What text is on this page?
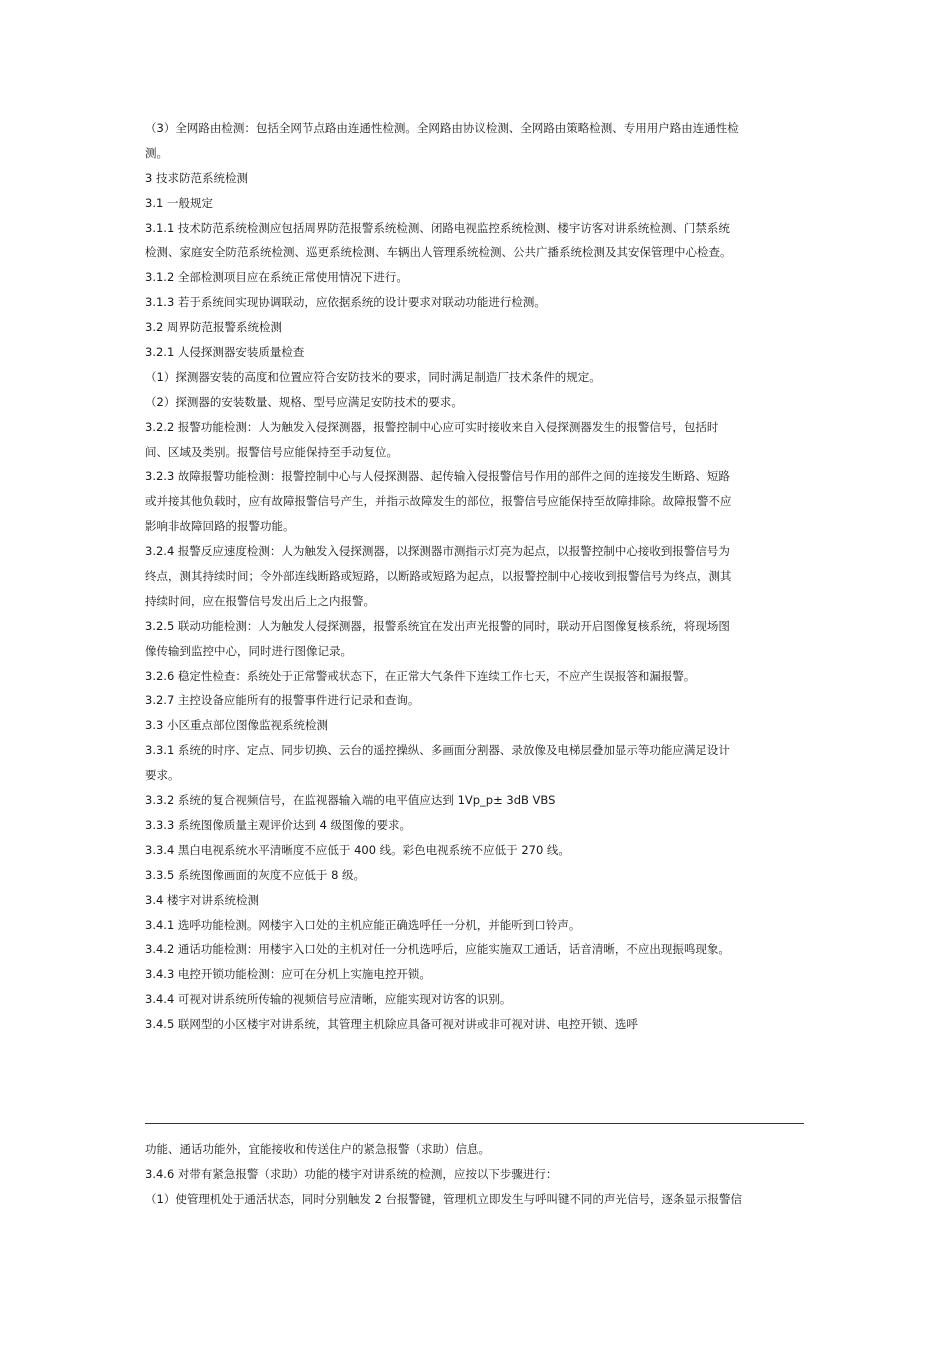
（3）全网路由检测：包括全网节点路由连通性检测。全网路由协议检测、全网路由策略检测、专用用户路由连通性检
测。
3 技求防范系统检测
3.1 一般规定
3.1.1 技术防范系统检测应包括周界防范报警系统检测、闭路电视监控系统检测、楼宇访客对讲系统检测、门禁系统
检测、家庭安全防范系统检测、巡更系统检测、车辆出人管理系统检测、公共广播系统检测及其安保管理中心检查。
3.1.2 全部检测项目应在系统正常使用情况下进行。
3.1.3 若于系统间实现协调联动，应依据系统的设计要求对联动功能进行检测。
3.2 周界防范报警系统检测
3.2.1 人侵探测器安装质量检查
（1）探测器安装的高度和位置应符合安防技米的要求，同时满足制造厂技术条件的规定。
（2）探测器的安装数量、规格、型号应满足安防技术的要求。
3.2.2 报警功能检测：人为触发入侵探测器，报警控制中心应可实时接收来自入侵探测器发生的报警信号，包括时
间、区域及类别。报警信号应能保持至手动复位。
3.2.3 故障报警功能检测：报警控制中心与人侵探测器、起传输入侵报警信号作用的部件之间的连接发生断路、短路
或并接其他负载时，应有故障报警信号产生，并指示故障发生的部位，报警信号应能保持至故障排除。故障报警不应
影响非故障回路的报警功能。
3.2.4 报警反应速度检测：人为触发入侵探测器，以探测器市测指示灯亮为起点，以报警控制中心接收到报警信号为
终点，测其持续时间；令外部连线断路或短路，以断路或短路为起点，以报警控制中心接收到报警信号为终点，测其
持续时间，应在报警信号发出后上之内报警。
3.2.5 联动功能检测：人为触发人侵探测器，报警系统宜在发出声光报警的同时，联动开启图像复核系统，将现场图
像传输到监控中心，同时进行图像记录。
3.2.6 稳定性检查：系统处于正常警戒状态下，在正常大气条件下连续工作七天，不应产生误报答和漏报警。
3.2.7 主控设备应能所有的报警事件进行记录和查询。
3.3 小区重点部位图像监视系统检测
3.3.1 系统的时序、定点、同步切换、云台的遥控操纵、多画面分割器、录放像及电梯层叠加显示等功能应满足设计
要求。
3.3.2 系统的复合视频信号，在监视器输入端的电平值应达到 1Vp_p± 3dB VBS
3.3.3 系统图像质量主观评价达到 4 级图像的要求。
3.3.4 黑白电视系统水平清晰度不应低于 400 线。彩色电视系统不应低于 270 线。
3.3.5 系统图像画面的灰度不应低于 8 级。
3.4 楼宇对讲系统检测
3.4.1 选呼功能检测。网楼宇入口处的主机应能正确选呼任一分机，并能听到口铃声。
3.4.2 通话功能检测：用楼宇入口处的主机对任一分机选呼后，应能实施双工通话，话音清晰，不应出现振鸣现象。
3.4.3 电控开锁功能检测：应可在分机上实施电控开锁。
3.4.4 可视对讲系统所传输的视频信号应清晰，应能实现对访客的识别。
3.4.5 联网型的小区楼宇对讲系统，其管理主机除应具备可视对讲或非可视对讲、电控开锁、选呼
功能、通话功能外，宜能接收和传送住户的紧急报警（求助）信息。
3.4.6 对带有紧急报警（求助）功能的楼宇对讲系统的检测，应按以下步骤进行：
（1）使管理机处于通活状态，同时分别触发 2 台报警键，管理机立即发生与呼叫键不同的声光信号，逐条显示报警信
